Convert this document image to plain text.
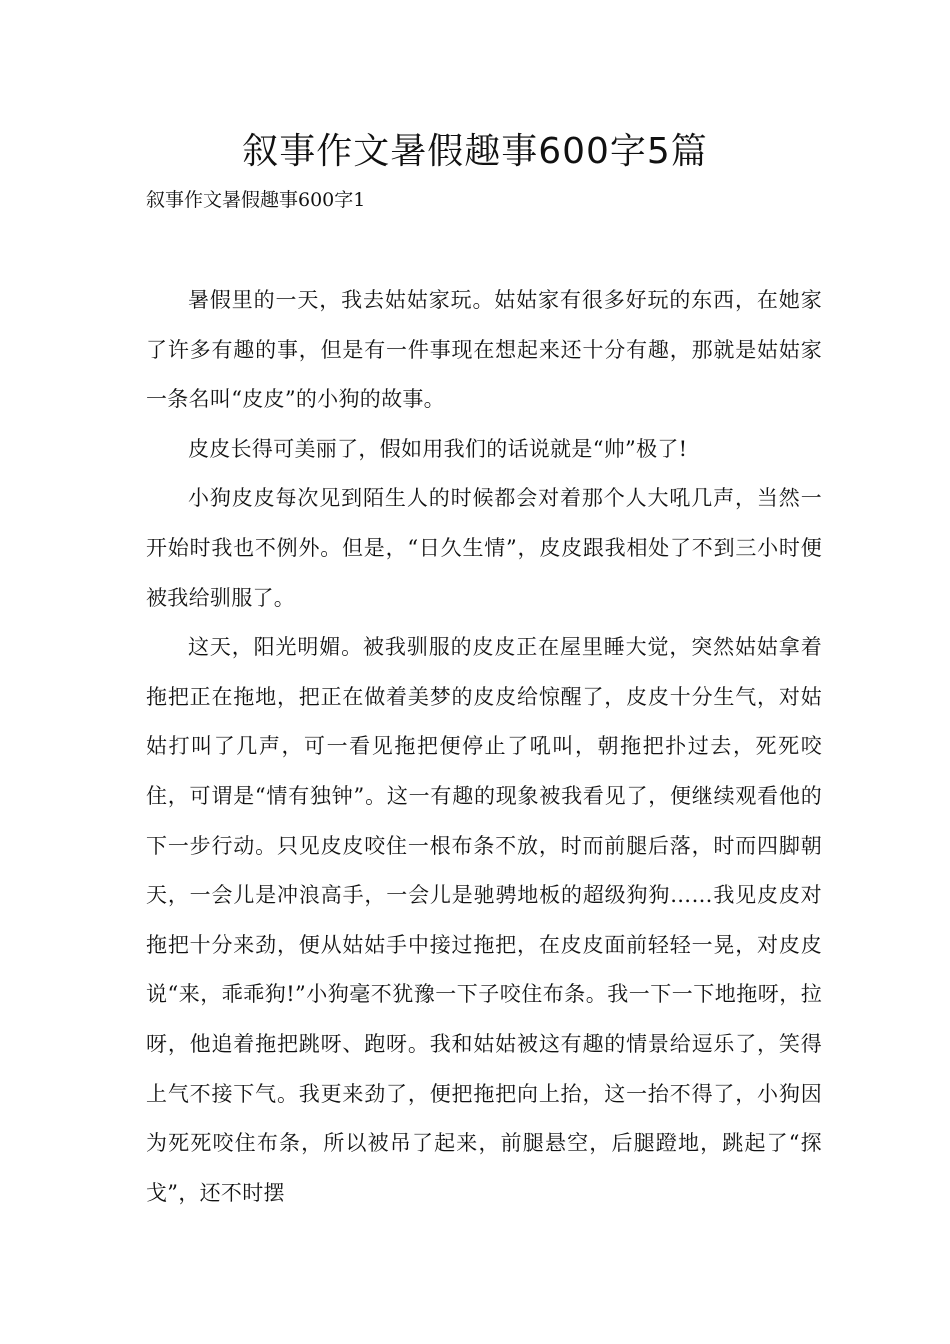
叙事作文暑假趣事600字5篇

叙事作文暑假趣事600字1

暑假里的一天，我去姑姑家玩。姑姑家有很多好玩的东西，在她家了许多有趣的事，但是有一件事现在想起来还十分有趣，那就是姑姑家一条名叫“皮皮”的小狗的故事。

皮皮长得可美丽了，假如用我们的话说就是“帅”极了!

小狗皮皮每次见到陌生人的时候都会对着那个人大吼几声，当然一开始时我也不例外。但是，“日久生情”，皮皮跟我相处了不到三小时便被我给驯服了。

这天，阳光明媚。被我驯服的皮皮正在屋里睡大觉，突然姑姑拿着拖把正在拖地，把正在做着美梦的皮皮给惊醒了，皮皮十分生气，对姑姑打叫了几声，可一看见拖把便停止了吼叫，朝拖把扑过去，死死咬住，可谓是“情有独钟”。这一有趣的现象被我看见了，便继续观看他的下一步行动。只见皮皮咬住一根布条不放，时而前腿后落，时而四脚朝天，一会儿是冲浪高手，一会儿是驰骋地板的超级狗狗……我见皮皮对拖把十分来劲，便从姑姑手中接过拖把，在皮皮面前轻轻一晃，对皮皮说“来，乖乖狗!”小狗毫不犹豫一下子咬住布条。我一下一下地拖呀，拉呀，他追着拖把跳呀、跑呀。我和姑姑被这有趣的情景给逗乐了，笑得上气不接下气。我更来劲了，便把拖把向上抬，这一抬不得了，小狗因为死死咬住布条，所以被吊了起来，前腿悬空，后腿蹬地，跳起了“探戈”，还不时摆
